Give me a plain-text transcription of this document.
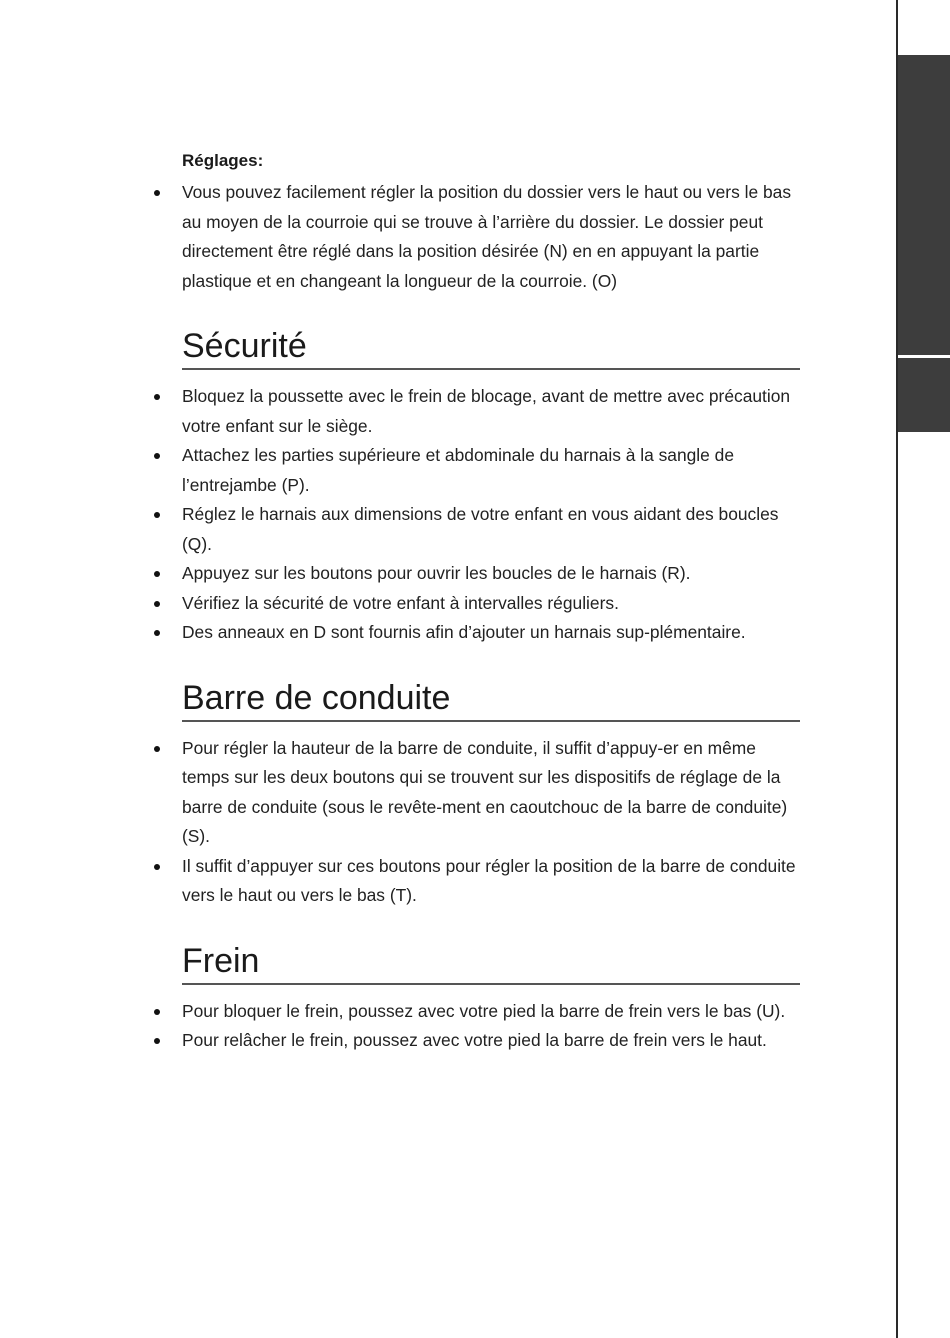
Réglages:
Vous pouvez facilement régler la position du dossier vers le haut ou vers le bas au moyen de la courroie qui se trouve à l’arrière du dossier. Le dossier peut directement être réglé dans la position désirée (N) en en appuyant la partie plastique et en changeant la longueur de la courroie. (O)
Sécurité
Bloquez la poussette avec le frein de blocage, avant de mettre avec précaution votre enfant sur le siège.
Attachez les parties supérieure et abdominale du harnais à la sangle de l’entrejambe (P).
Réglez le harnais aux dimensions de votre enfant en vous aidant des boucles (Q).
Appuyez sur les boutons pour ouvrir les boucles de le harnais (R).
Vérifiez la sécurité de votre enfant à intervalles réguliers.
Des anneaux en D sont fournis afin d’ajouter un harnais sup-plémentaire.
Barre de conduite
Pour régler la hauteur de la barre de conduite, il suffit d’appuy-er en même temps sur les deux boutons qui se trouvent sur les dispositifs de réglage de la barre de conduite (sous le revête-ment en caoutchouc de la barre de conduite) (S).
Il suffit d’appuyer sur ces boutons pour régler la position de la barre de conduite vers le haut ou vers le bas (T).
Frein
Pour bloquer le frein, poussez avec votre pied la barre de frein vers le bas (U).
Pour relâcher le frein, poussez avec votre pied la barre de frein vers le haut.
